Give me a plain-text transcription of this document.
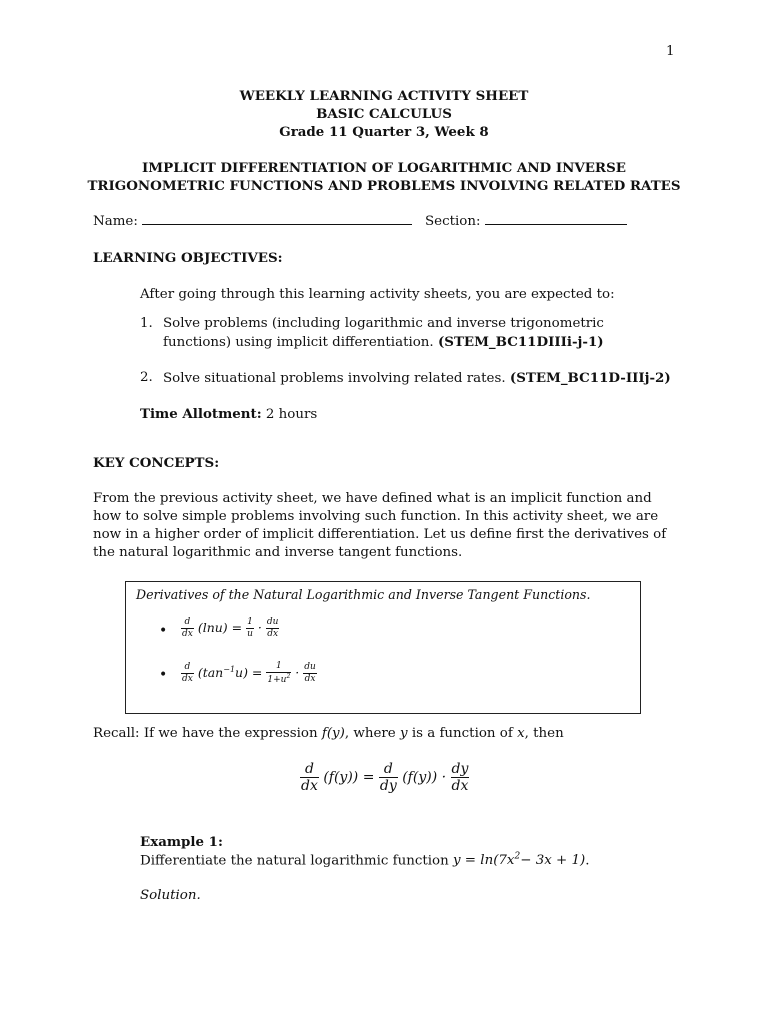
1
WEEKLY LEARNING ACTIVITY SHEET
BASIC CALCULUS
Grade 11 Quarter 3, Week 8
IMPLICIT DIFFERENTIATION OF LOGARITHMIC AND INVERSE
TRIGONOMETRIC FUNCTIONS AND PROBLEMS INVOLVING RELATED RATES
Name:	Section:
LEARNING OBJECTIVES:
After going through this learning activity sheets, you are expected to:
1. Solve problems (including logarithmic and inverse trigonometric
functions) using implicit differentiation. (STEM_BC11DIIIi-j-1)
2. Solve situational problems involving related rates. (STEM_BC11D-IIIj-2)
Time Allotment: 2 hours
KEY CONCEPTS:
From the previous activity sheet, we have defined what is an implicit function and
how to solve simple problems involving such function. In this activity sheet, we are
now in a higher order of implicit differentiation. Let us define first the derivatives of
the natural logarithmic and inverse tangent functions.
Derivatives of the Natural Logarithmic and Inverse Tangent Functions.
• $\frac{d}{dx} (\ln u) = \frac{1}{u} \cdot \frac{du}{dx}$
• $\frac{d}{dx} (\tan^{-1}u) = \frac{1}{1+u^2} \cdot \frac{du}{dx}$
Recall: If we have the expression f(y), where y is a function of x, then
$\frac{d}{dx} (f(y)) = \frac{d}{dy} (f(y)) \cdot \frac{dy}{dx}$
Example 1:
Differentiate the natural logarithmic function $y = \ln(7x^2- 3x + 1)$.
Solution.
